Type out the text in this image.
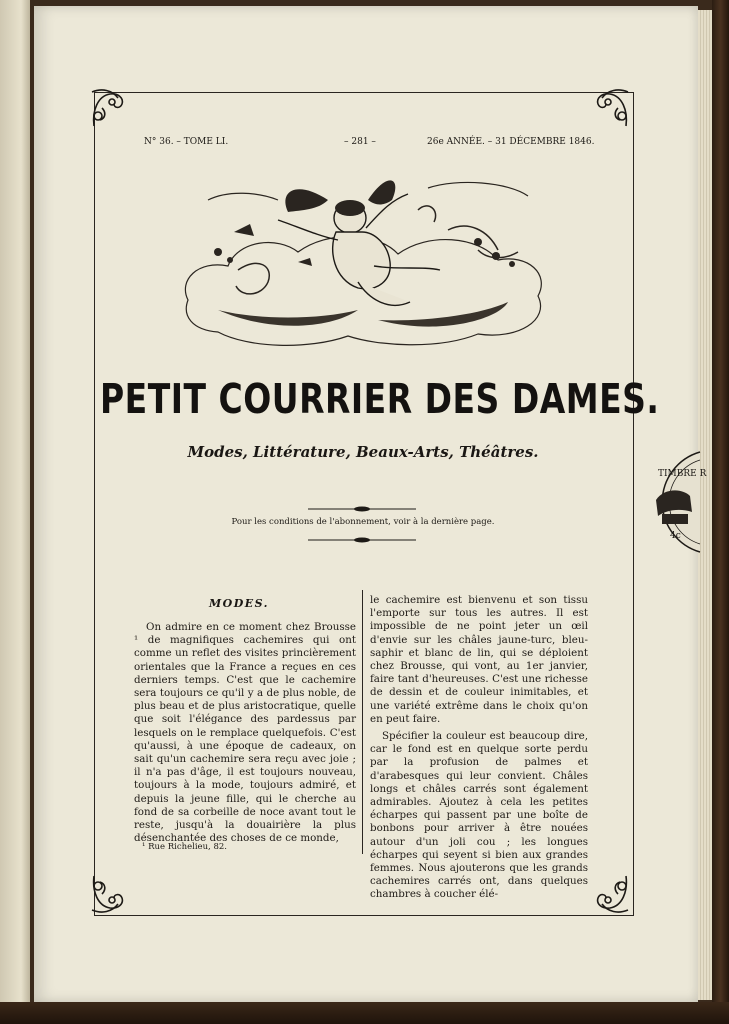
N° 36. – TOME LI.	– 281 –	26e ANNÉE. – 31 DÉCEMBRE 1846.
PETIT COURRIER DES DAMES.
Modes, Littérature, Beaux-Arts, Théâtres.
Pour les conditions de l'abonnement, voir à la dernière page.
MODES.

On admire en ce moment chez Brousse ¹ de magnifiques cachemires qui ont comme un reflet des visites princièrement orientales que la France a reçues en ces derniers temps. C'est que le cachemire sera toujours ce qu'il y a de plus noble, de plus beau et de plus aristocratique, quelle que soit l'élégance des pardessus par lesquels on le remplace quelquefois. C'est qu'aussi, à une époque de cadeaux, on sait qu'un cachemire sera reçu avec joie ; il n'a pas d'âge, il est toujours nouveau, toujours à la mode, toujours admiré, et depuis la jeune fille, qui le cherche au fond de sa corbeille de noce avant tout le reste, jusqu'à la douairière la plus désenchantée des choses de ce monde,

le cachemire est bienvenu et son tissu l'emporte sur tous les autres. Il est impossible de ne point jeter un œil d'envie sur les châles jaune-turc, bleu-saphir et blanc de lin, qui se déploient chez Brousse, qui vont, au 1er janvier, faire tant d'heureuses. C'est une richesse de dessin et de couleur inimitables, et une variété extrême dans le choix qu'on en peut faire.

Spécifier la couleur est beaucoup dire, car le fond est en quelque sorte perdu par la profusion de palmes et d'arabesques qui leur convient. Châles longs et châles carrés sont également admirables. Ajoutez à cela les petites écharpes qui passent par une boîte de bonbons pour arriver à être nouées autour d'un joli cou ; les longues écharpes qui seyent si bien aux grandes femmes. Nous ajouterons que les grands cachemires carrés ont, dans quelques chambres à coucher élé-

¹ Rue Richelieu, 82.
TIMBRE R
4c
